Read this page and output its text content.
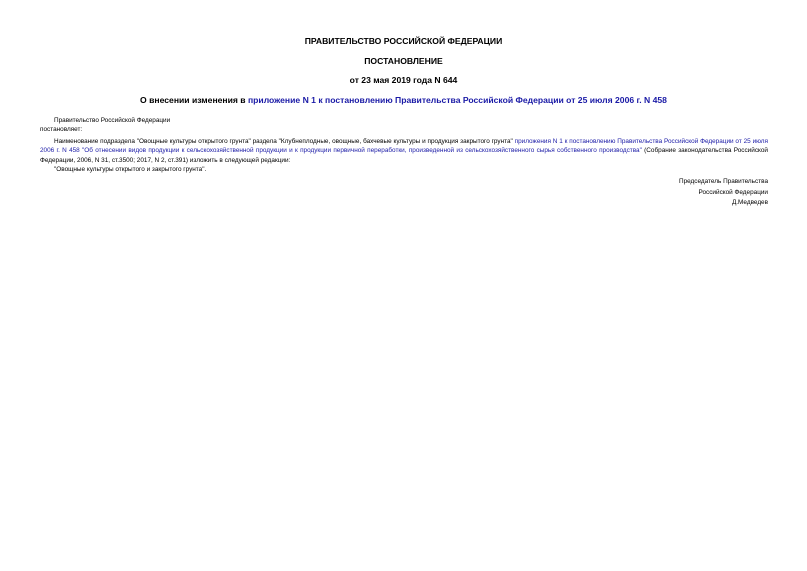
ПРАВИТЕЛЬСТВО РОССИЙСКОЙ ФЕДЕРАЦИИ
ПОСТАНОВЛЕНИЕ
от 23 мая 2019 года N 644
О внесении изменения в приложение N 1 к постановлению Правительства Российской Федерации от 25 июля 2006 г. N 458
Правительство Российской Федерации
постановляет:
Наименование подраздела "Овощные культуры открытого грунта" раздела "Клубнеплодные, овощные, бахчевые культуры и продукция закрытого грунта" приложения N 1 к постановлению Правительства Российской Федерации от 25 июля 2006 г. N 458 "Об отнесении видов продукции к сельскохозяйственной продукции и к продукции первичной переработки, произведенной из сельскохозяйственного сырья собственного производства" (Собрание законодательства Российской Федерации, 2006, N 31, ст.3500; 2017, N 2, ст.391) изложить в следующей редакции:
"Овощные культуры открытого и закрытого грунта".
Председатель Правительства
Российской Федерации
Д.Медведев
